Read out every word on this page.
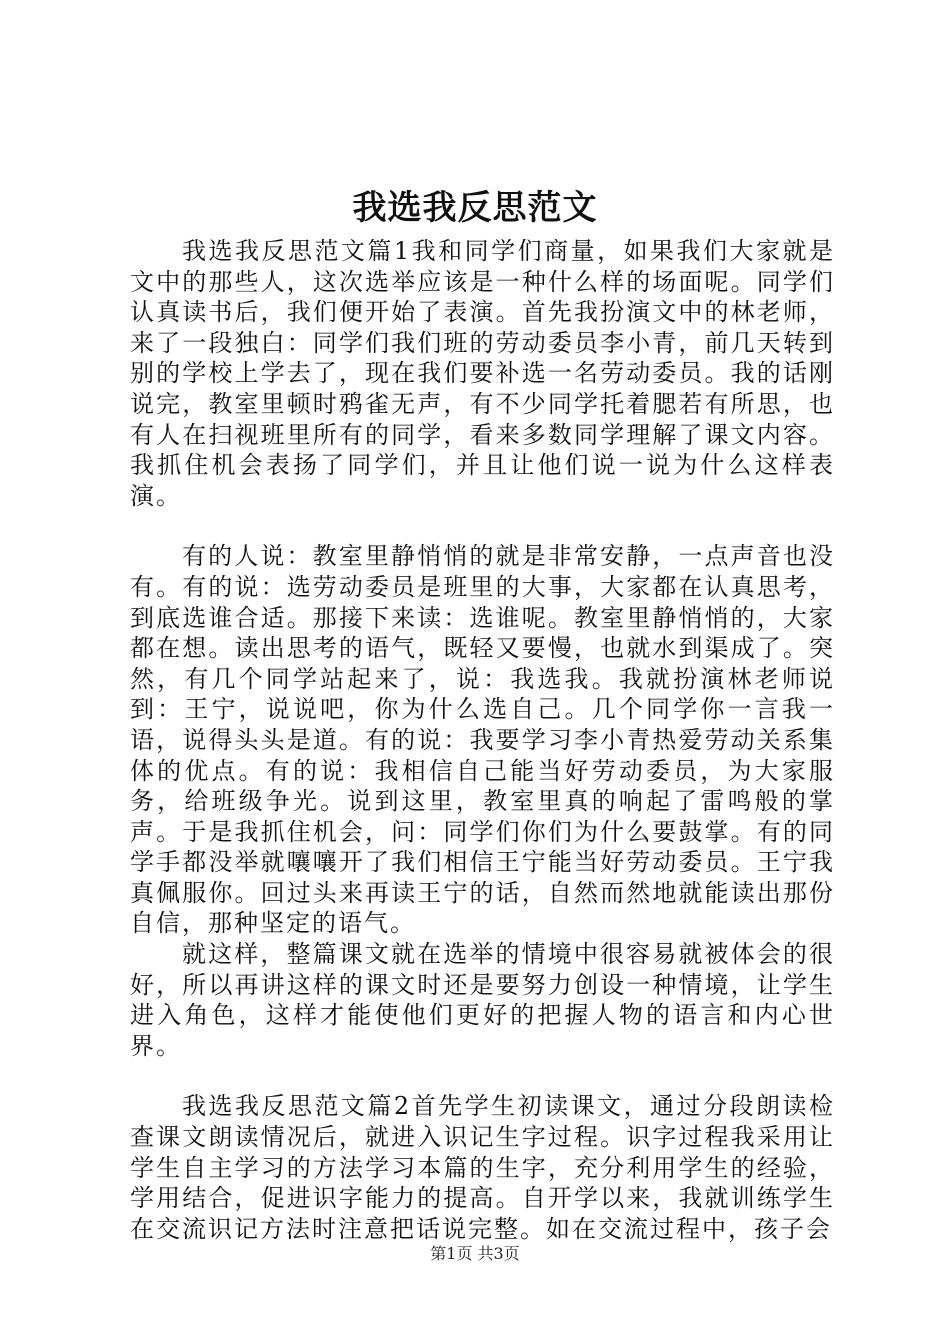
我选我反思范文

我选我反思范文篇1我和同学们商量，如果我们大家就是文中的那些人，这次选举应该是一种什么样的场面呢。同学们认真读书后，我们便开始了表演。首先我扮演文中的林老师，来了一段独白：同学们我们班的劳动委员李小青，前几天转到别的学校上学去了，现在我们要补选一名劳动委员。我的话刚说完，教室里顿时鸦雀无声，有不少同学托着腮若有所思，也有人在扫视班里所有的同学，看来多数同学理解了课文内容。我抓住机会表扬了同学们，并且让他们说一说为什么这样表演。

有的人说：教室里静悄悄的就是非常安静，一点声音也没有。有的说：选劳动委员是班里的大事，大家都在认真思考，到底选谁合适。那接下来读：选谁呢。教室里静悄悄的，大家都在想。读出思考的语气，既轻又要慢，也就水到渠成了。突然，有几个同学站起来了，说：我选我。我就扮演林老师说到：王宁，说说吧，你为什么选自己。几个同学你一言我一语，说得头头是道。有的说：我要学习李小青热爱劳动关系集体的优点。有的说：我相信自己能当好劳动委员，为大家服务，给班级争光。说到这里，教室里真的响起了雷鸣般的掌声。于是我抓住机会，问：同学们你们为什么要鼓掌。有的同学手都没举就嚷嚷开了我们相信王宁能当好劳动委员。王宁我真佩服你。回过头来再读王宁的话，自然而然地就能读出那份自信，那种坚定的语气。

就这样，整篇课文就在选举的情境中很容易就被体会的很好，所以再讲这样的课文时还是要努力创设一种情境，让学生进入角色，这样才能使他们更好的把握人物的语言和内心世界。

我选我反思范文篇2首先学生初读课文，通过分段朗读检查课文朗读情况后，就进入识记生字过程。识字过程我采用让学生自主学习的方法学习本篇的生字，充分利用学生的经验，学用结合，促进识字能力的提高。自开学以来，我就训练学生在交流识记方法时注意把话说完整。如在交流过程中，孩子会

第1页 共3页
